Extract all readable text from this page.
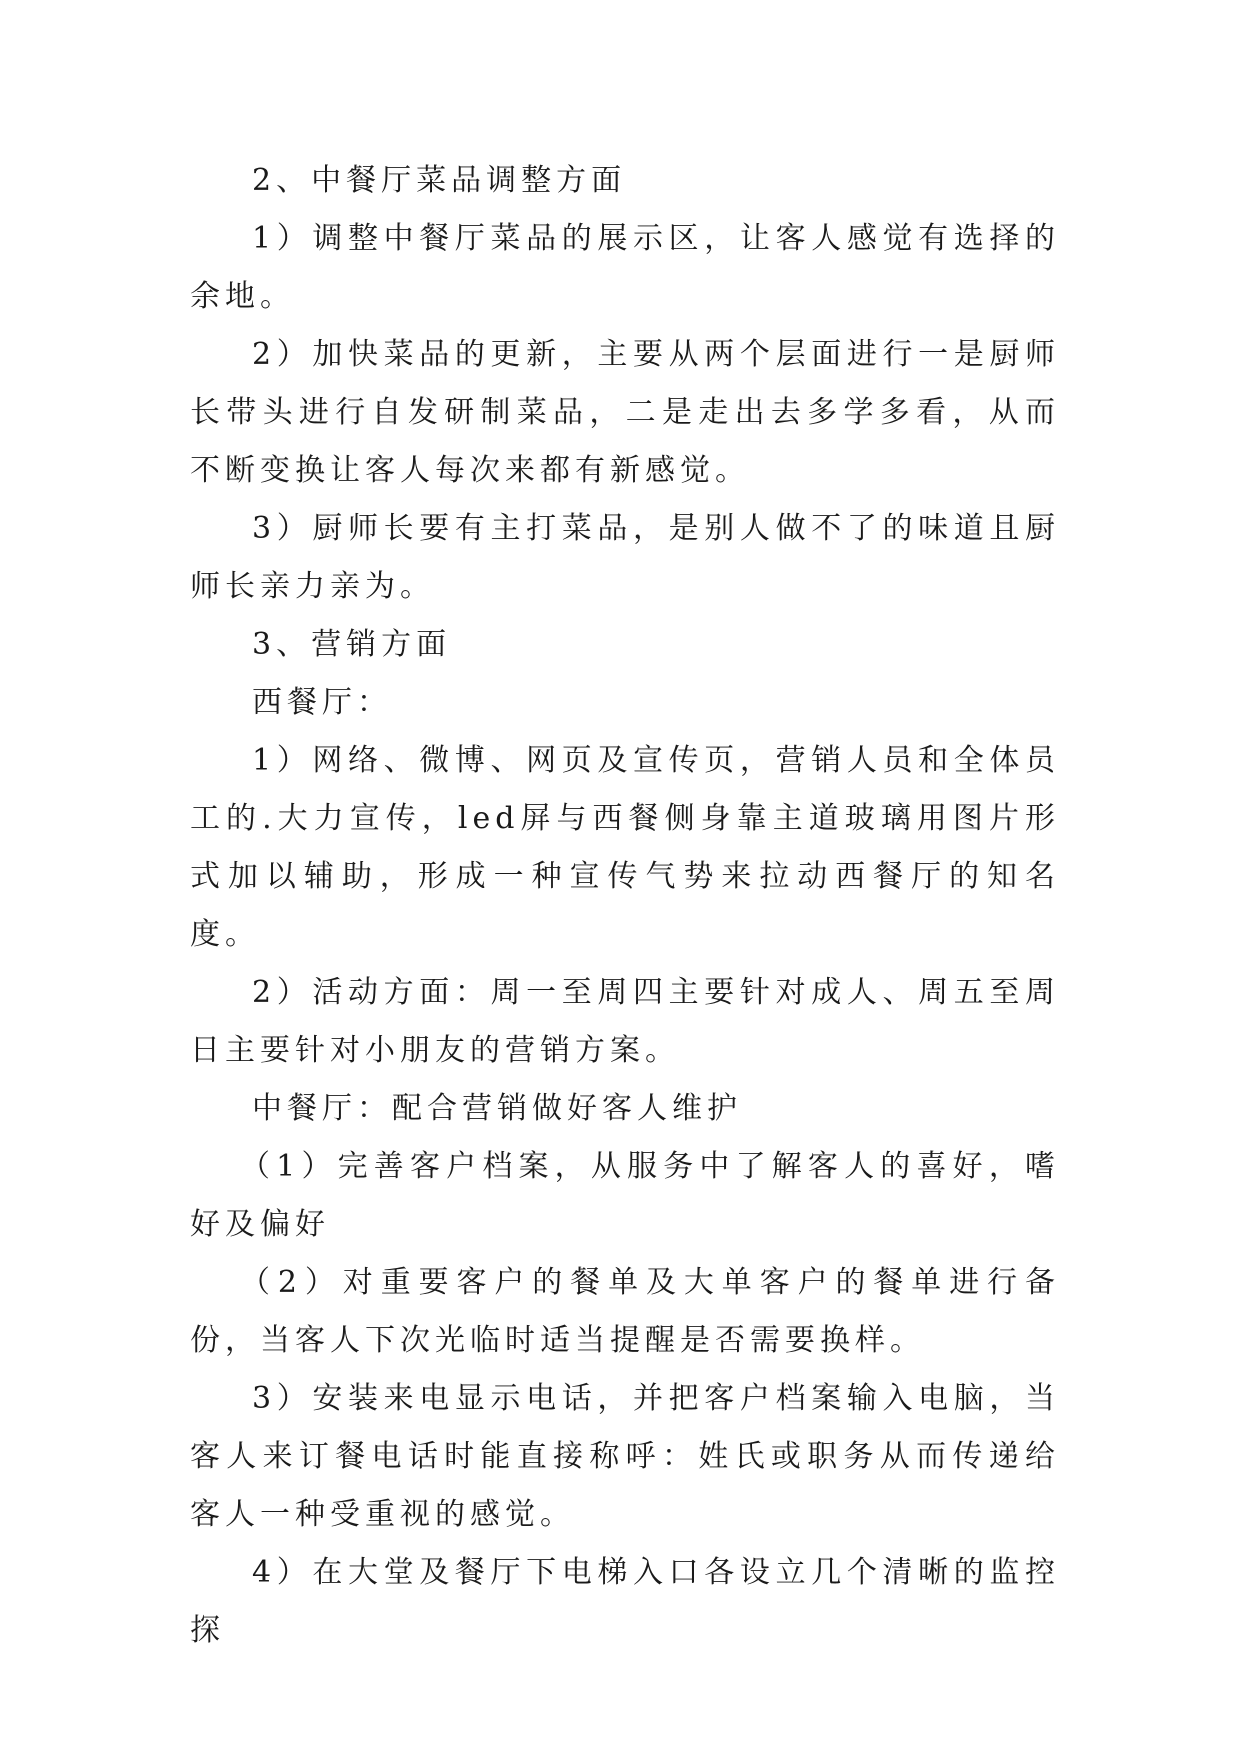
2、中餐厅菜品调整方面

1）调整中餐厅菜品的展示区，让客人感觉有选择的余地。

2）加快菜品的更新，主要从两个层面进行一是厨师长带头进行自发研制菜品，二是走出去多学多看，从而不断变换让客人每次来都有新感觉。

3）厨师长要有主打菜品，是别人做不了的味道且厨师长亲力亲为。

3、营销方面

西餐厅：

1）网络、微博、网页及宣传页，营销人员和全体员工的.大力宣传，led屏与西餐侧身靠主道玻璃用图片形式加以辅助，形成一种宣传气势来拉动西餐厅的知名度。

2）活动方面：周一至周四主要针对成人、周五至周日主要针对小朋友的营销方案。

中餐厅：配合营销做好客人维护

（1）完善客户档案，从服务中了解客人的喜好，嗜好及偏好

（2）对重要客户的餐单及大单客户的餐单进行备份，当客人下次光临时适当提醒是否需要换样。

3）安装来电显示电话，并把客户档案输入电脑，当客人来订餐电话时能直接称呼：姓氏或职务从而传递给客人一种受重视的感觉。

4）在大堂及餐厅下电梯入口各设立几个清晰的监控探
